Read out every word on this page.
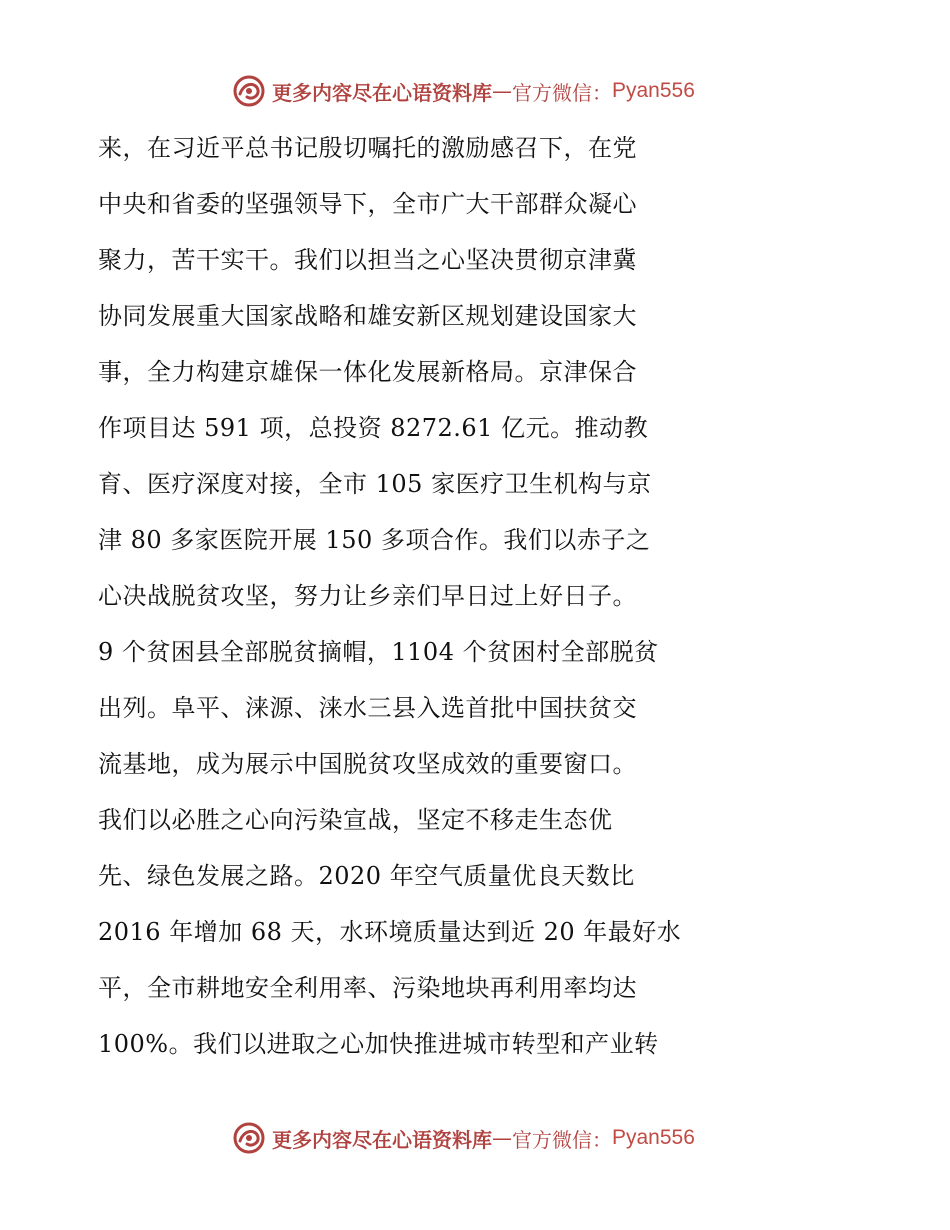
更多内容尽在心语资料库 — 官方微信： Pyan556

来，在习近平总书记殷切嘱托的激励感召下，在党

中央和省委的坚强领导下，全市广大干部群众凝心

聚力，苦干实干。我们以担当之心坚决贯彻京津冀

协同发展重大国家战略和雄安新区规划建设国家大

事，全力构建京雄保一体化发展新格局。京津保合

作项目达 591 项，总投资 8272.61 亿元。推动教

育、医疗深度对接，全市 105 家医疗卫生机构与京

津 80 多家医院开展 150 多项合作。我们以赤子之

心决战脱贫攻坚，努力让乡亲们早日过上好日子。

9 个贫困县全部脱贫摘帽，1104 个贫困村全部脱贫

出列。阜平、涞源、涞水三县入选首批中国扶贫交

流基地，成为展示中国脱贫攻坚成效的重要窗口。

我们以必胜之心向污染宣战，坚定不移走生态优

先、绿色发展之路。2020 年空气质量优良天数比

2016 年增加 68 天，水环境质量达到近 20 年最好水

平，全市耕地安全利用率、污染地块再利用率均达

100%。我们以进取之心加快推进城市转型和产业转

更多内容尽在心语资料库 — 官方微信： Pyan556
